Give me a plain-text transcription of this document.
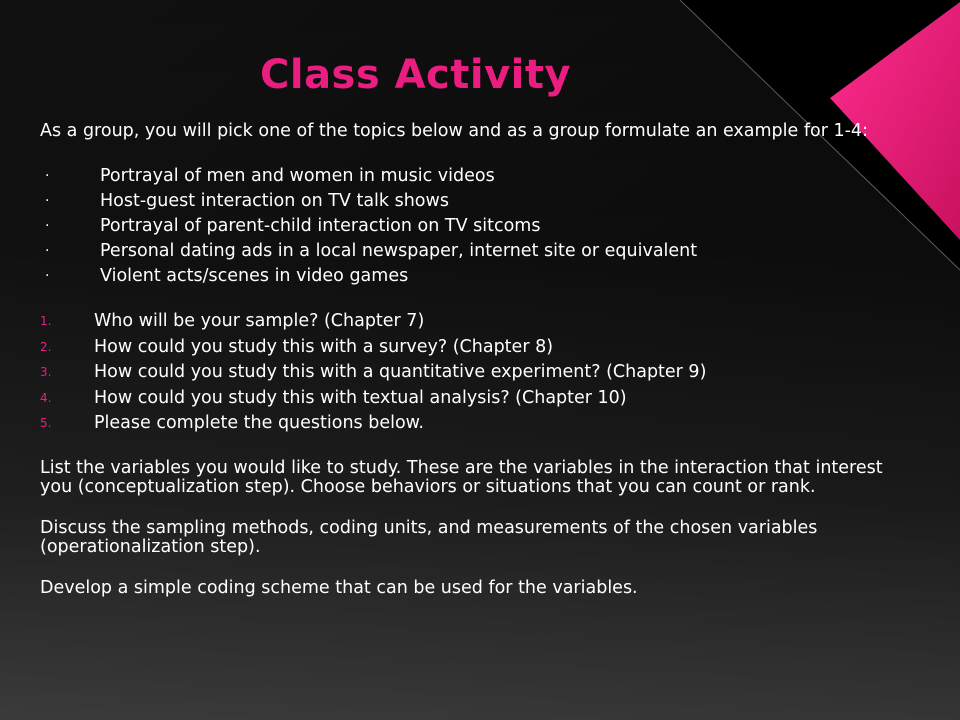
Class Activity

As a group, you will pick one of the topics below and as a group formulate an example for 1-4:

·	Portrayal of men and women in music videos
·	Host-guest interaction on TV talk shows
·	Portrayal of parent-child interaction on TV sitcoms
·	Personal dating ads in a local newspaper, internet site or equivalent
·	Violent acts/scenes in video games
1. Who will be your sample? (Chapter 7)
2. How could you study this with a survey? (Chapter 8)
3. How could you study this with a quantitative experiment? (Chapter 9)
4. How could you study this with textual analysis? (Chapter 10)
5. Please complete the questions below.

List the variables you would like to study. These are the variables in the interaction that interest you (conceptualization step). Choose behaviors or situations that you can count or rank.

Discuss the sampling methods, coding units, and measurements of the chosen variables (operationalization step).

Develop a simple coding scheme that can be used for the variables.
